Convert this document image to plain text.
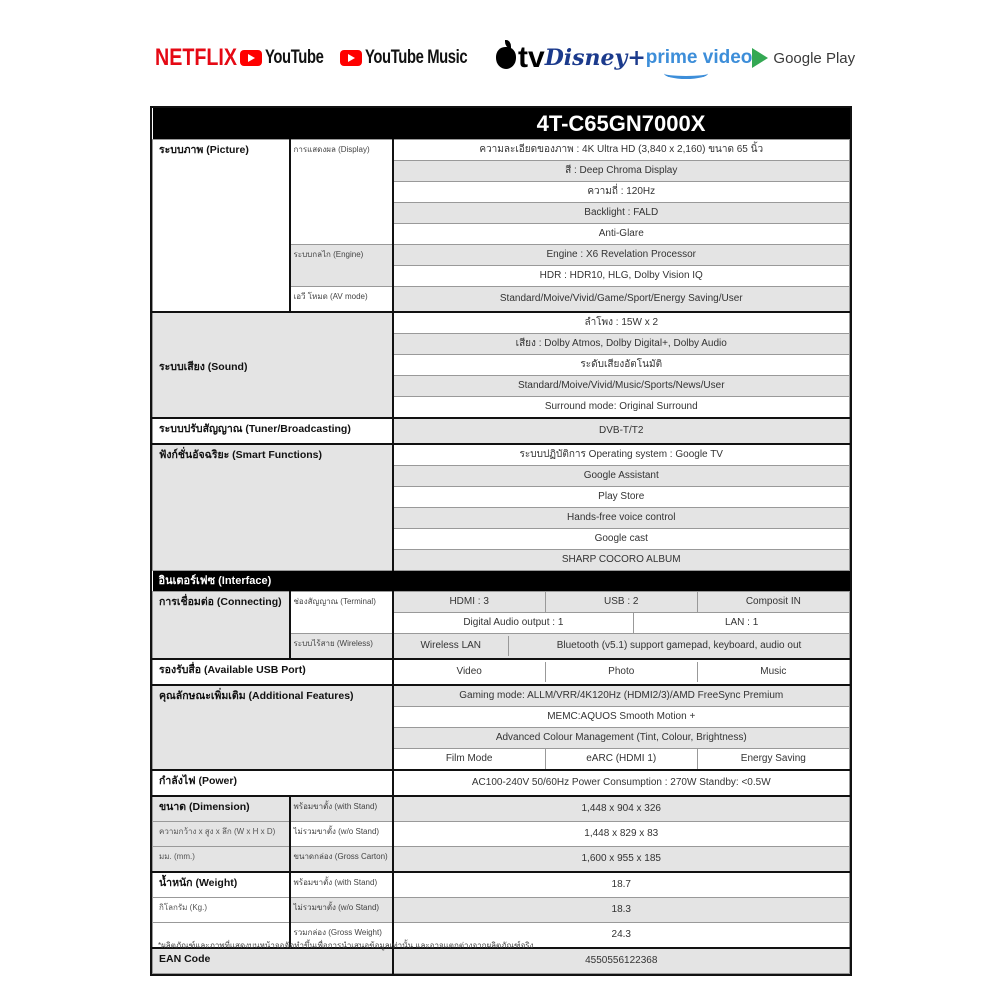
NETFLIX YouTube YouTube Music tv Disney+ prime video Google Play
4T-C65GN7000X
ระบบภาพ (Picture)	การแสดงผล (Display)	ความละเอียดของภาพ : 4K Ultra HD (3,840 x 2,160) ขนาด 65 นิ้ว
สี : Deep Chroma Display
ความถี่ : 120Hz
Backlight : FALD
Anti-Glare
ระบบกลไก (Engine)	Engine : X6 Revelation Processor
HDR : HDR10, HLG, Dolby Vision IQ
เอวี โหมด (AV mode)	Standard/Moive/Vivid/Game/Sport/Energy Saving/User
ระบบเสียง (Sound)	ลำโพง : 15W x 2
เสียง : Dolby Atmos, Dolby Digital+, Dolby Audio
ระดับเสียงอัตโนมัติ
Standard/Moive/Vivid/Music/Sports/News/User
Surround mode: Original Surround
ระบบปรับสัญญาณ (Tuner/Broadcasting)	DVB-T/T2
ฟังก์ชั่นอัจฉริยะ (Smart Functions)	ระบบปฏิบัติการ Operating system : Google TV
Google Assistant
Play Store
Hands-free voice control
Google cast
SHARP COCORO ALBUM
อินเตอร์เฟซ (Interface)
การเชื่อมต่อ (Connecting)	ช่องสัญญาณ (Terminal)		HDMI : 3	USB : 2	Composit IN

Digital Audio output : 1	LAN : 1

ระบบไร้สาย (Wireless)		Wireless LAN	Bluetooth (v5.1) support gamepad, keyboard, audio out

รองรับสื่อ (Available USB Port)		Video	Photo	Music

คุณลักษณะเพิ่มเติม (Additional Features)	Gaming mode: ALLM/VRR/4K120Hz (HDMI2/3)/AMD FreeSync Premium
MEMC:AQUOS Smooth Motion +
Advanced Colour Management (Tint, Colour, Brightness)

Film Mode	eARC (HDMI 1)	Energy Saving

กำลังไฟ (Power)	AC100-240V 50/60Hz Power Consumption : 270W Standby: <0.5W
ขนาด (Dimension)	พร้อมขาตั้ง (with Stand)	1,448 x 904 x 326
ความกว้าง x สูง x ลึก (W x H x D)	ไม่รวมขาตั้ง (w/o Stand)	1,448 x 829 x 83
มม. (mm.)	ขนาดกล่อง (Gross Carton)	1,600 x 955 x 185
น้ำหนัก (Weight)	พร้อมขาตั้ง (with Stand)	18.7
กิโลกรัม (Kg.)	ไม่รวมขาตั้ง (w/o Stand)	18.3
	รวมกล่อง (Gross Weight)	24.3
EAN Code	4550556122368
*ผลิตภัณฑ์และภาพที่แสดงบนหน้าจอจัดทำขึ้นเพื่อการนำเสนอข้อมูลเท่านั้น และอาจแตกต่างจากผลิตภัณฑ์จริง
